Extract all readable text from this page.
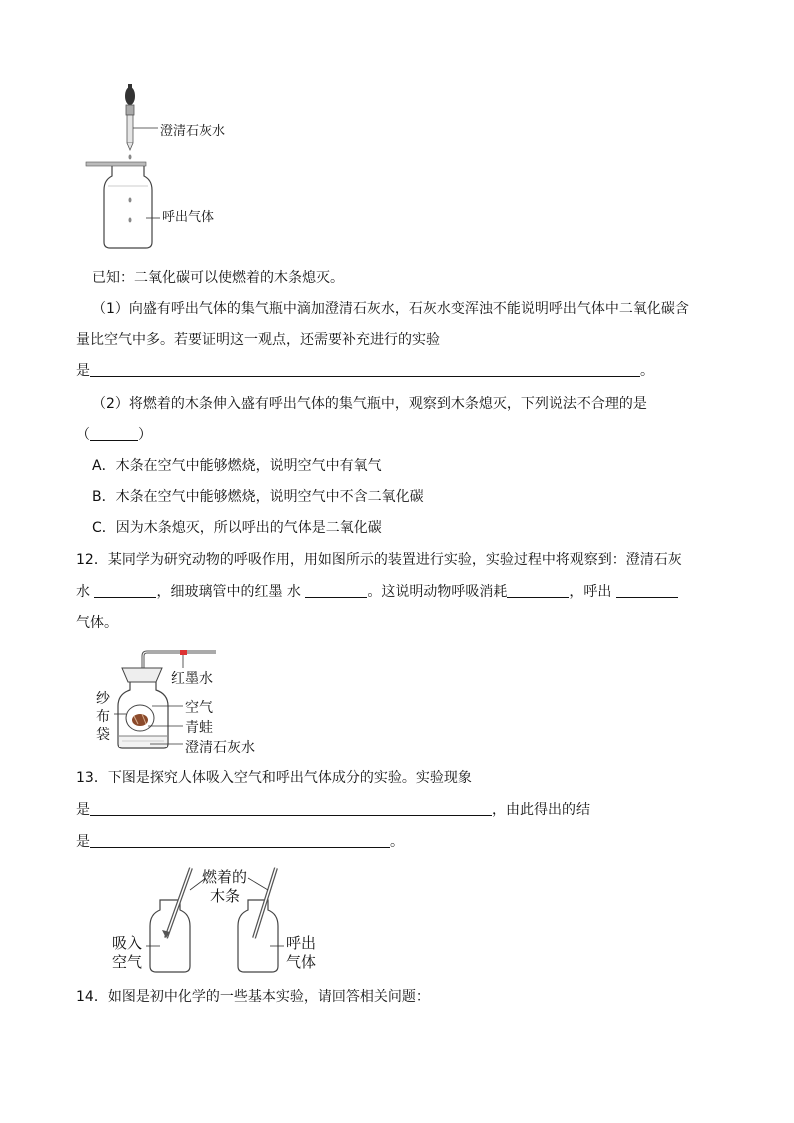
澄清石灰水
呼出气体
已知：二氧化碳可以使燃着的木条熄灭。
（1）向盛有呼出气体的集气瓶中滴加澄清石灰水，石灰水变浑浊不能说明呼出气体中二氧化碳含
量比空气中多。若要证明这一观点，还需要补充进行的实验
是	。
（2）将燃着的木条伸入盛有呼出气体的集气瓶中，观察到木条熄灭，下列说法不合理的是
（	）
A．木条在空气中能够燃烧，说明空气中有氧气
B．木条在空气中能够燃烧，说明空气中不含二氧化碳
C．因为木条熄灭，所以呼出的气体是二氧化碳
12．某同学为研究动物的呼吸作用，用如图所示的装置进行实验，实验过程中将观察到：澄清石灰
水	，细玻璃管中的红墨 水	。这说明动物呼吸消耗	，呼出
气体。
红墨水
空气
青蛙
澄清石灰水
纱
布
袋
13．下图是探究人体吸入空气和呼出气体成分的实验。实验现象
是	，由此得出的结
是	。
燃着的
木条
吸入
空气
呼出
气体
14．如图是初中化学的一些基本实验，请回答相关问题：
